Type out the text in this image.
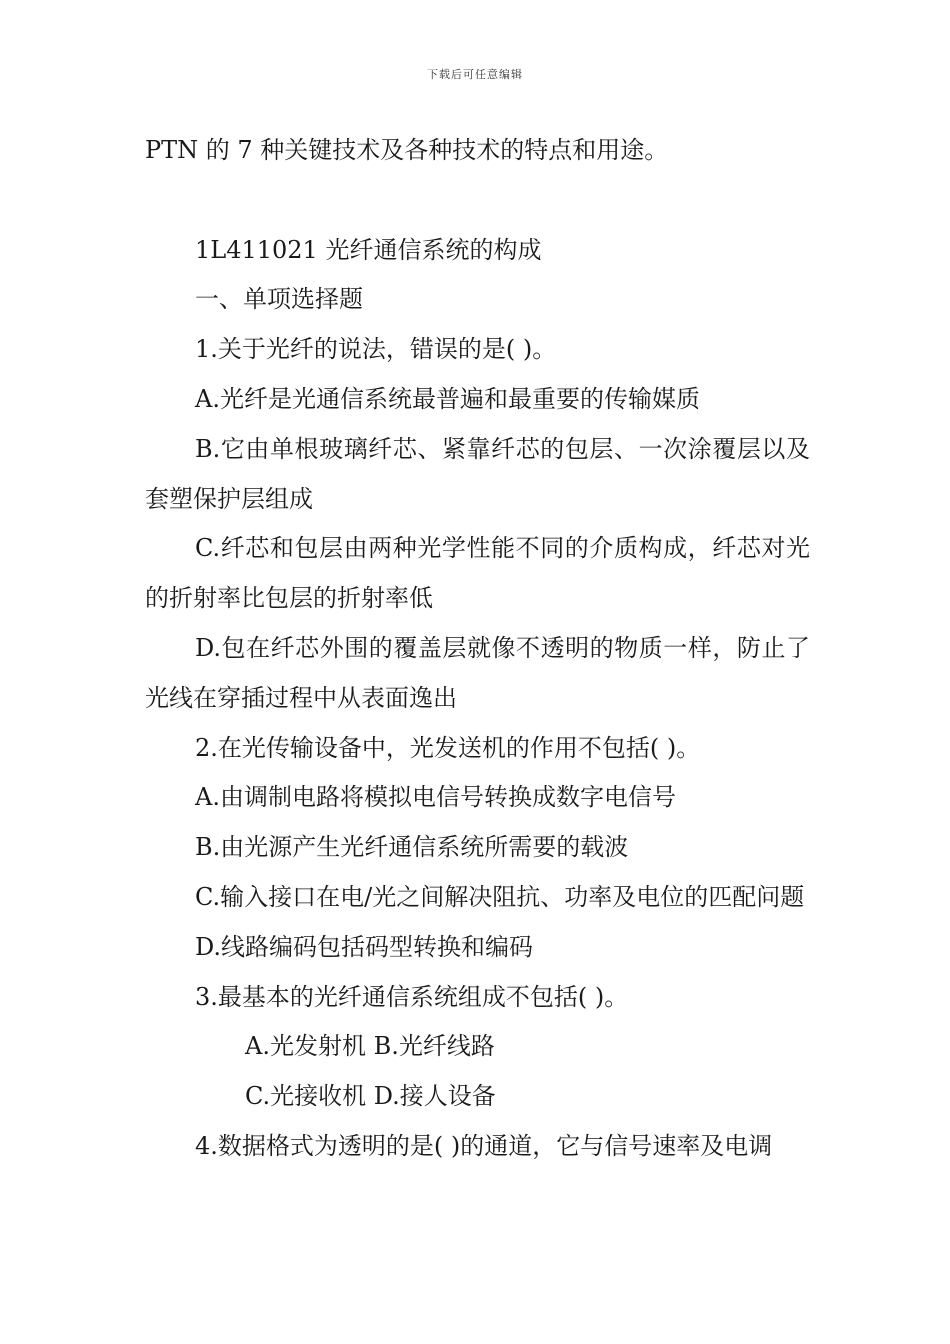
下载后可任意编辑

PTN 的 7 种关键技术及各种技术的特点和用途。

1L411021 光纤通信系统的构成

一、单项选择题

1.关于光纤的说法，错误的是( )。

A.光纤是光通信系统最普遍和最重要的传输媒质

B.它由单根玻璃纤芯、紧靠纤芯的包层、一次涂覆层以及套塑保护层组成

C.纤芯和包层由两种光学性能不同的介质构成，纤芯对光的折射率比包层的折射率低

D.包在纤芯外围的覆盖层就像不透明的物质一样，防止了光线在穿插过程中从表面逸出

2.在光传输设备中，光发送机的作用不包括( )。

A.由调制电路将模拟电信号转换成数字电信号

B.由光源产生光纤通信系统所需要的载波

C.输入接口在电/光之间解决阻抗、功率及电位的匹配问题

D.线路编码包括码型转换和编码

3.最基本的光纤通信系统组成不包括( )。

A.光发射机 B.光纤线路

C.光接收机 D.接人设备

4.数据格式为透明的是( )的通道，它与信号速率及电调
